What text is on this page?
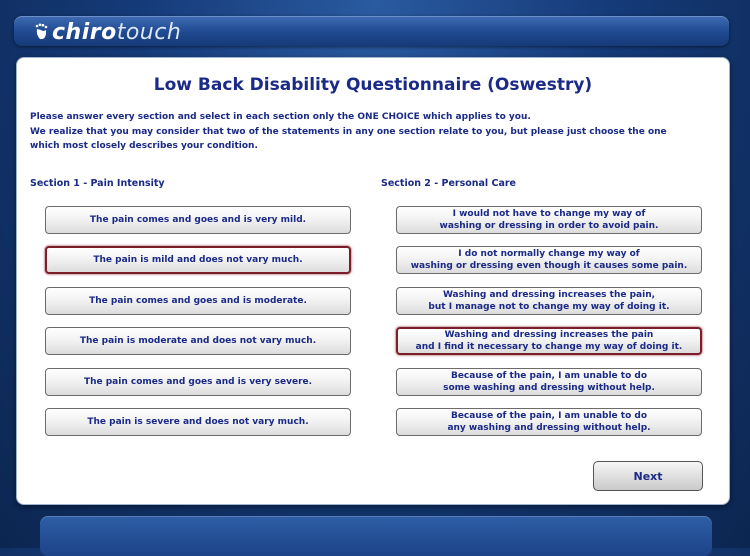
chiro touch
Low Back Disability Questionnaire (Oswestry)
Please answer every section and select in each section only the ONE CHOICE which applies to you.
We realize that you may consider that two of the statements in any one section relate to you, but please just choose the one
which most closely describes your condition.
Section 1 - Pain Intensity	Section 2 - Personal Care
The pain comes and goes and is very mild.
The pain is mild and does not vary much.
The pain comes and goes and is moderate.
The pain is moderate and does not vary much.
The pain comes and goes and is very severe.
The pain is severe and does not vary much.
I would not have to change my way of
washing or dressing in order to avoid pain.
I do not normally change my way of
washing or dressing even though it causes some pain.
Washing and dressing increases the pain,
but I manage not to change my way of doing it.
Washing and dressing increases the pain
and I find it necessary to change my way of doing it.
Because of the pain, I am unable to do
some washing and dressing without help.
Because of the pain, I am unable to do
any washing and dressing without help.
Next
